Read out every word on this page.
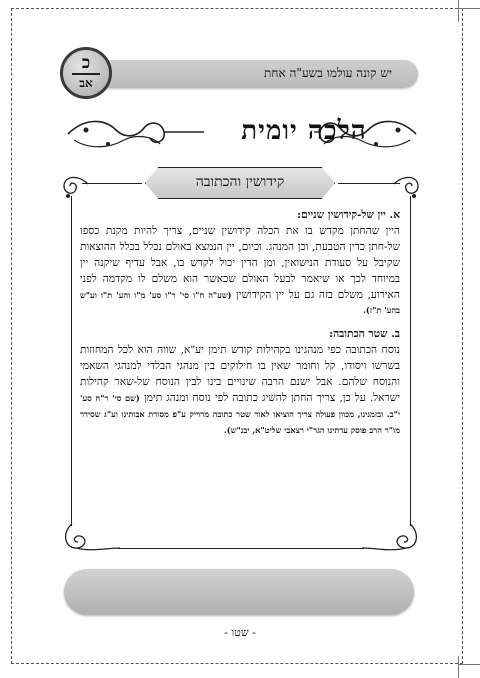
יש קונה עולמו בשע"ה אחת
כ
אב
הלכה יומית
קידושין והכתובה

א. יין של-קידושין שניים:
היין שהחתן מקדש בו את הכלה קידושין שניים, צריך להיות מקנת כספו של-חתן כדין הטבעת, וכן המנהג. וכיום, יין הנמצא באולם נכלל בכלל ההוצאות שקיבל על סעודת הנישואין, ומן הדין יכול לקדש בו, אבל עדיף שיקנה יין במיוחד לכך או שיאמר לבעל האולם שכאשר הוא משלם לו מקדמה לפני האירוע, משלם בזה גם על יין הקידושין (שע"ה ח"ו סי' ר"ו סע' מ"ו והע' ת"ו וע"ש בהע' ת"ז).

ב. שטר הכתובה:
נוסח הכתובה כפי מנהגינו בקהילות קודש תימן יע"א, שווה הוא לכל המחוזות בשרשו ויסודו, קל וחומר שאין בו חילוקים בין מנהגי הבלדי למנהגי השאמי והנוסח שלהם. אבל ישנם הרבה שינויים בינו לבין הנוסח של-שאר קהילות ישראל. על כן, צריך החתן להשיג כתובה לפי נוסח ומנהג תימן (שם סי' ר"ח סע' י"ב. ובזמנינו, מכוון פעולה צריך הוציאו לאור שטר כתובה מרוייק ע"פ מסורת אבותינו וע"ג שסידר מו"ר הרב פוסק עדתינו הגר"י רצאבי שליט"א, יבנ"ש).

- שטו -
